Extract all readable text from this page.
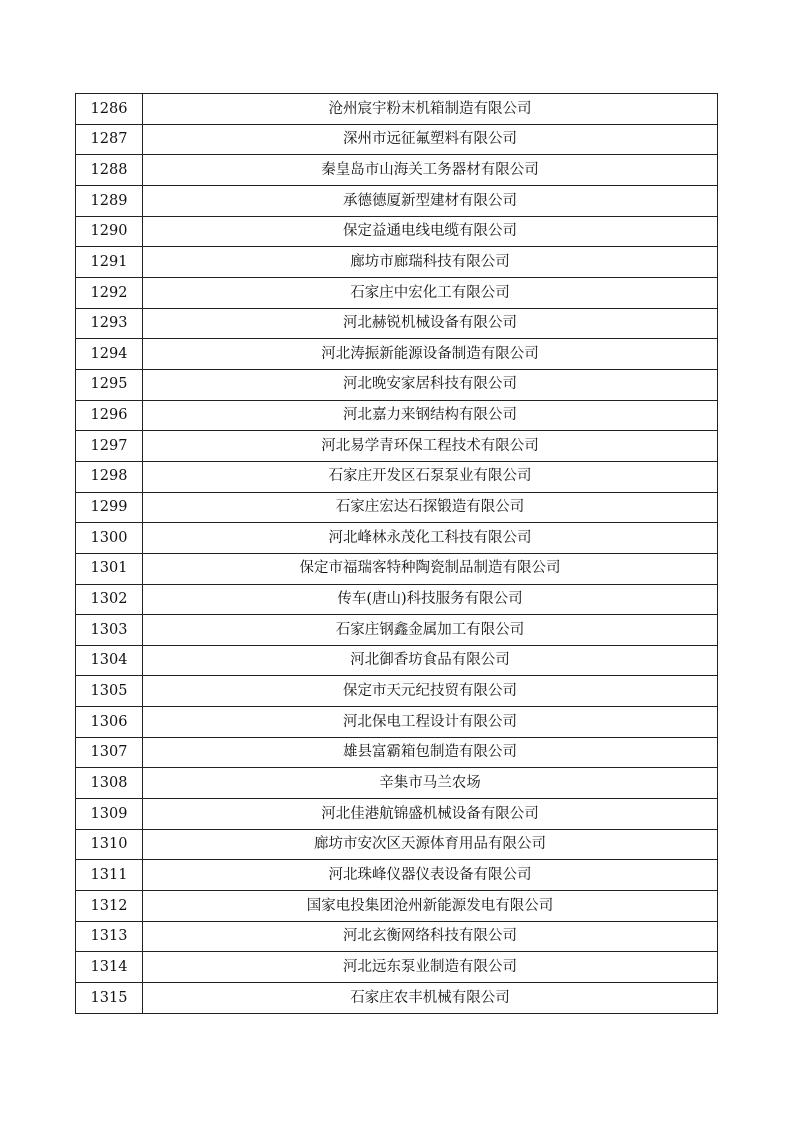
1286	沧州宸宇粉末机箱制造有限公司
1287	深州市远征氟塑料有限公司
1288	秦皇岛市山海关工务器材有限公司
1289	承德德厦新型建材有限公司
1290	保定益通电线电缆有限公司
1291	廊坊市廊瑞科技有限公司
1292	石家庄中宏化工有限公司
1293	河北赫锐机械设备有限公司
1294	河北涛振新能源设备制造有限公司
1295	河北晚安家居科技有限公司
1296	河北嘉力来钢结构有限公司
1297	河北易学青环保工程技术有限公司
1298	石家庄开发区石泵泵业有限公司
1299	石家庄宏达石探锻造有限公司
1300	河北峰林永茂化工科技有限公司
1301	保定市福瑞客特种陶瓷制品制造有限公司
1302	传车(唐山)科技服务有限公司
1303	石家庄钢鑫金属加工有限公司
1304	河北御香坊食品有限公司
1305	保定市天元纪技贸有限公司
1306	河北保电工程设计有限公司
1307	雄县富霸箱包制造有限公司
1308	辛集市马兰农场
1309	河北佳港航锦盛机械设备有限公司
1310	廊坊市安次区天源体育用品有限公司
1311	河北珠峰仪器仪表设备有限公司
1312	国家电投集团沧州新能源发电有限公司
1313	河北玄衡网络科技有限公司
1314	河北远东泵业制造有限公司
1315	石家庄农丰机械有限公司
